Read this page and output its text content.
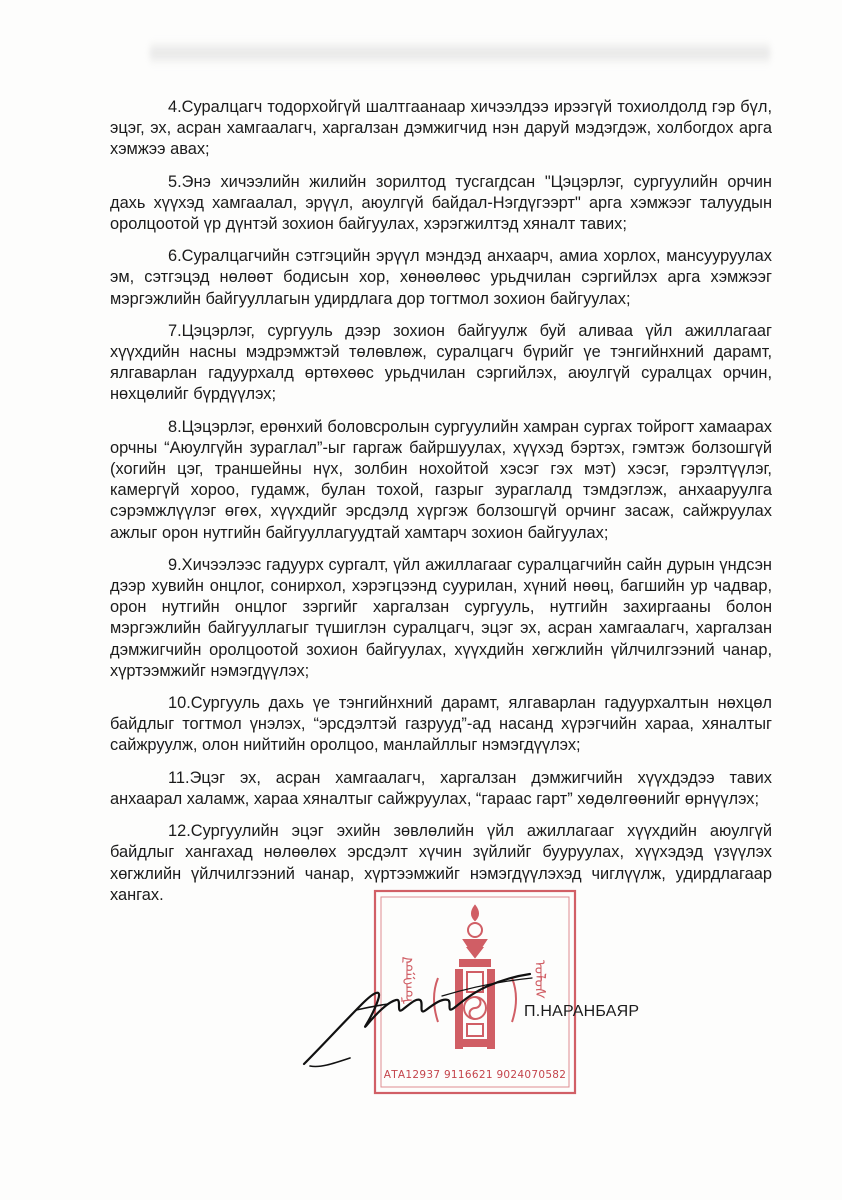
4.Суралцагч тодорхойгүй шалтгаанаар хичээлдээ ирээгүй тохиолдолд гэр бүл, эцэг, эх, асран хамгаалагч, харгалзан дэмжигчид нэн даруй мэдэгдэж, холбогдох арга хэмжээ авах;

5.Энэ хичээлийн жилийн зорилтод тусгагдсан "Цэцэрлэг, сургуулийн орчин дахь хүүхэд хамгаалал, эрүүл, аюулгүй байдал-Нэгдүгээрт" арга хэмжээг талуудын оролцоотой үр дүнтэй зохион байгуулах, хэрэгжилтэд хяналт тавих;

6.Суралцагчийн сэтгэцийн эрүүл мэндэд анхаарч, амиа хорлох, мансууруулах эм, сэтгэцэд нөлөөт бодисын хор, хөнөөлөөс урьдчилан сэргийлэх арга хэмжээг мэргэжлийн байгууллагын удирдлага дор тогтмол зохион байгуулах;

7.Цэцэрлэг, сургууль дээр зохион байгуулж буй аливаа үйл ажиллагааг хүүхдийн насны мэдрэмжтэй төлөвлөж, суралцагч бүрийг үе тэнгийнхний дарамт, ялгаварлан гадуурхалд өртөхөөс урьдчилан сэргийлэх, аюулгүй суралцах орчин, нөхцөлийг бүрдүүлэх;

8.Цэцэрлэг, ерөнхий боловсролын сургуулийн хамран сургах тойрогт хамаарах орчны “Аюулгүйн зураглал”-ыг гаргаж байршуулах, хүүхэд бэртэх, гэмтэж болзошгүй (хогийн цэг, траншейны нүх, золбин нохойтой хэсэг гэх мэт) хэсэг, гэрэлтүүлэг, камергүй хороо, гудамж, булан тохой, газрыг зураглалд тэмдэглэж, анхааруулга сэрэмжлүүлэг өгөх, хүүхдийг эрсдэлд хүргэж болзошгүй орчинг засаж, сайжруулах ажлыг орон нутгийн байгууллагуудтай хамтарч зохион байгуулах;

9.Хичээлээс гадуурх сургалт, үйл ажиллагааг суралцагчийн сайн дурын үндсэн дээр хувийн онцлог, сонирхол, хэрэгцээнд суурилан, хүний нөөц, багшийн ур чадвар, орон нутгийн онцлог зэргийг харгалзан сургууль, нутгийн захиргааны болон мэргэжлийн байгууллагыг түшиглэн суралцагч, эцэг эх, асран хамгаалагч, харгалзан дэмжигчийн оролцоотой зохион байгуулах, хүүхдийн хөгжлийн үйлчилгээний чанар, хүртээмжийг нэмэгдүүлэх;

10.Сургууль дахь үе тэнгийнхний дарамт, ялгаварлан гадуурхалтын нөхцөл байдлыг тогтмол үнэлэх, “эрсдэлтэй газрууд”-ад насанд хүрэгчийн хараа, хяналтыг сайжруулж, олон нийтийн оролцоо, манлайллыг нэмэгдүүлэх;

11.Эцэг эх, асран хамгаалагч, харгалзан дэмжигчийн хүүхдэдээ тавих анхаарал халамж, хараа хяналтыг сайжруулах, “гараас гарт” хөдөлгөөнийг өрнүүлэх;

12.Сургуулийн эцэг эхийн зөвлөлийн үйл ажиллагааг хүүхдийн аюулгүй байдлыг хангахад нөлөөлөх эрсдэлт хүчин зүйлийг бууруулах, хүүхэдэд үзүүлэх хөгжлийн үйлчилгээний чанар, хүртээмжийг нэмэгдүүлэхэд чиглүүлж, удирдлагаар хангах.

ᠮᠣᠩᠭᠣᠯ	ᠤᠯᠤᠰ
АТА12937 9116621 9024070582
П.НАРАНБАЯР
